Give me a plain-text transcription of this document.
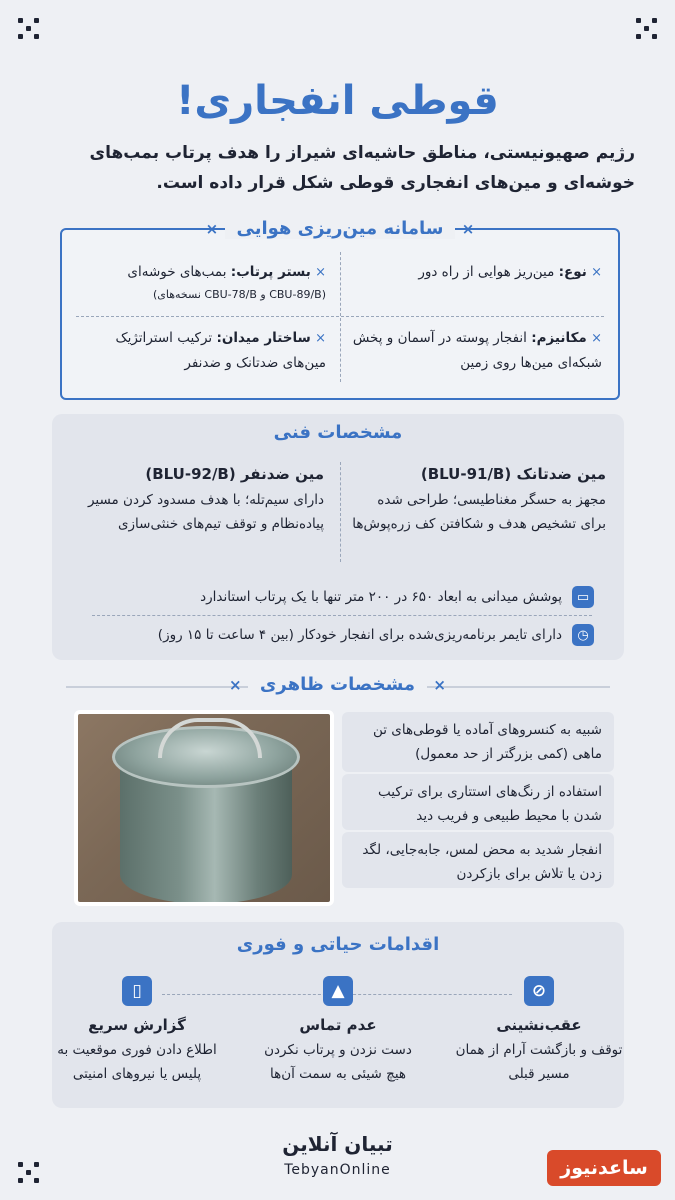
قوطی انفجاری!
رژیم صهیونیستی، مناطق حاشیه‌ای شیراز را هدف پرتاب بمب‌های خوشه‌ای و مین‌های انفجاری قوطی شکل قرار داده است.
× سامانه مین‌ریزی هوایی ×
× نوع: مین‌ریز هوایی از راه دور
× بستر پرتاب: بمب‌های خوشه‌ای
(نسخه‌های CBU-78/B و CBU-89/B)
× مکانیزم: انفجار پوسته در آسمان و پخش شبکه‌ای مین‌ها روی زمین
× ساختار میدان: ترکیب استراتژیک مین‌های ضدتانک و ضدنفر
مشخصات فنی
مین ضدتانک (BLU-91/B)
مجهز به حسگر مغناطیسی؛ طراحی شده برای تشخیص هدف و شکافتن کف زره‌پوش‌ها
مین ضدنفر (BLU-92/B)
دارای سیم‌تله؛ با هدف مسدود کردن مسیر پیاده‌نظام و توقف تیم‌های خنثی‌سازی
▭
پوشش میدانی به ابعاد ۶۵۰ در ۲۰۰ متر تنها با یک پرتاب استاندارد
◷
دارای تایمر برنامه‌ریزی‌شده برای انفجار خودکار (بین ۴ ساعت تا ۱۵ روز)
× مشخصات ظاهری ×
شبیه به کنسروهای آماده یا قوطی‌های تن ماهی (کمی بزرگتر از حد معمول)
استفاده از رنگ‌های استتاری برای ترکیب شدن با محیط طبیعی و فریب دید
انفجار شدید به محض لمس، جابه‌جایی، لگد زدن یا تلاش برای بازکردن
اقدامات حیاتی و فوری
⊘
عقب‌نشینی
توقف و بازگشت آرام از همان مسیر قبلی
▲
عدم تماس
دست نزدن و پرتاب نکردن هیچ شیئی به سمت آن‌ها
▯
گزارش سریع
اطلاع دادن فوری موقعیت به پلیس یا نیروهای امنیتی
تبیان آنلاین
TebyanOnline	ساعدنیوز
